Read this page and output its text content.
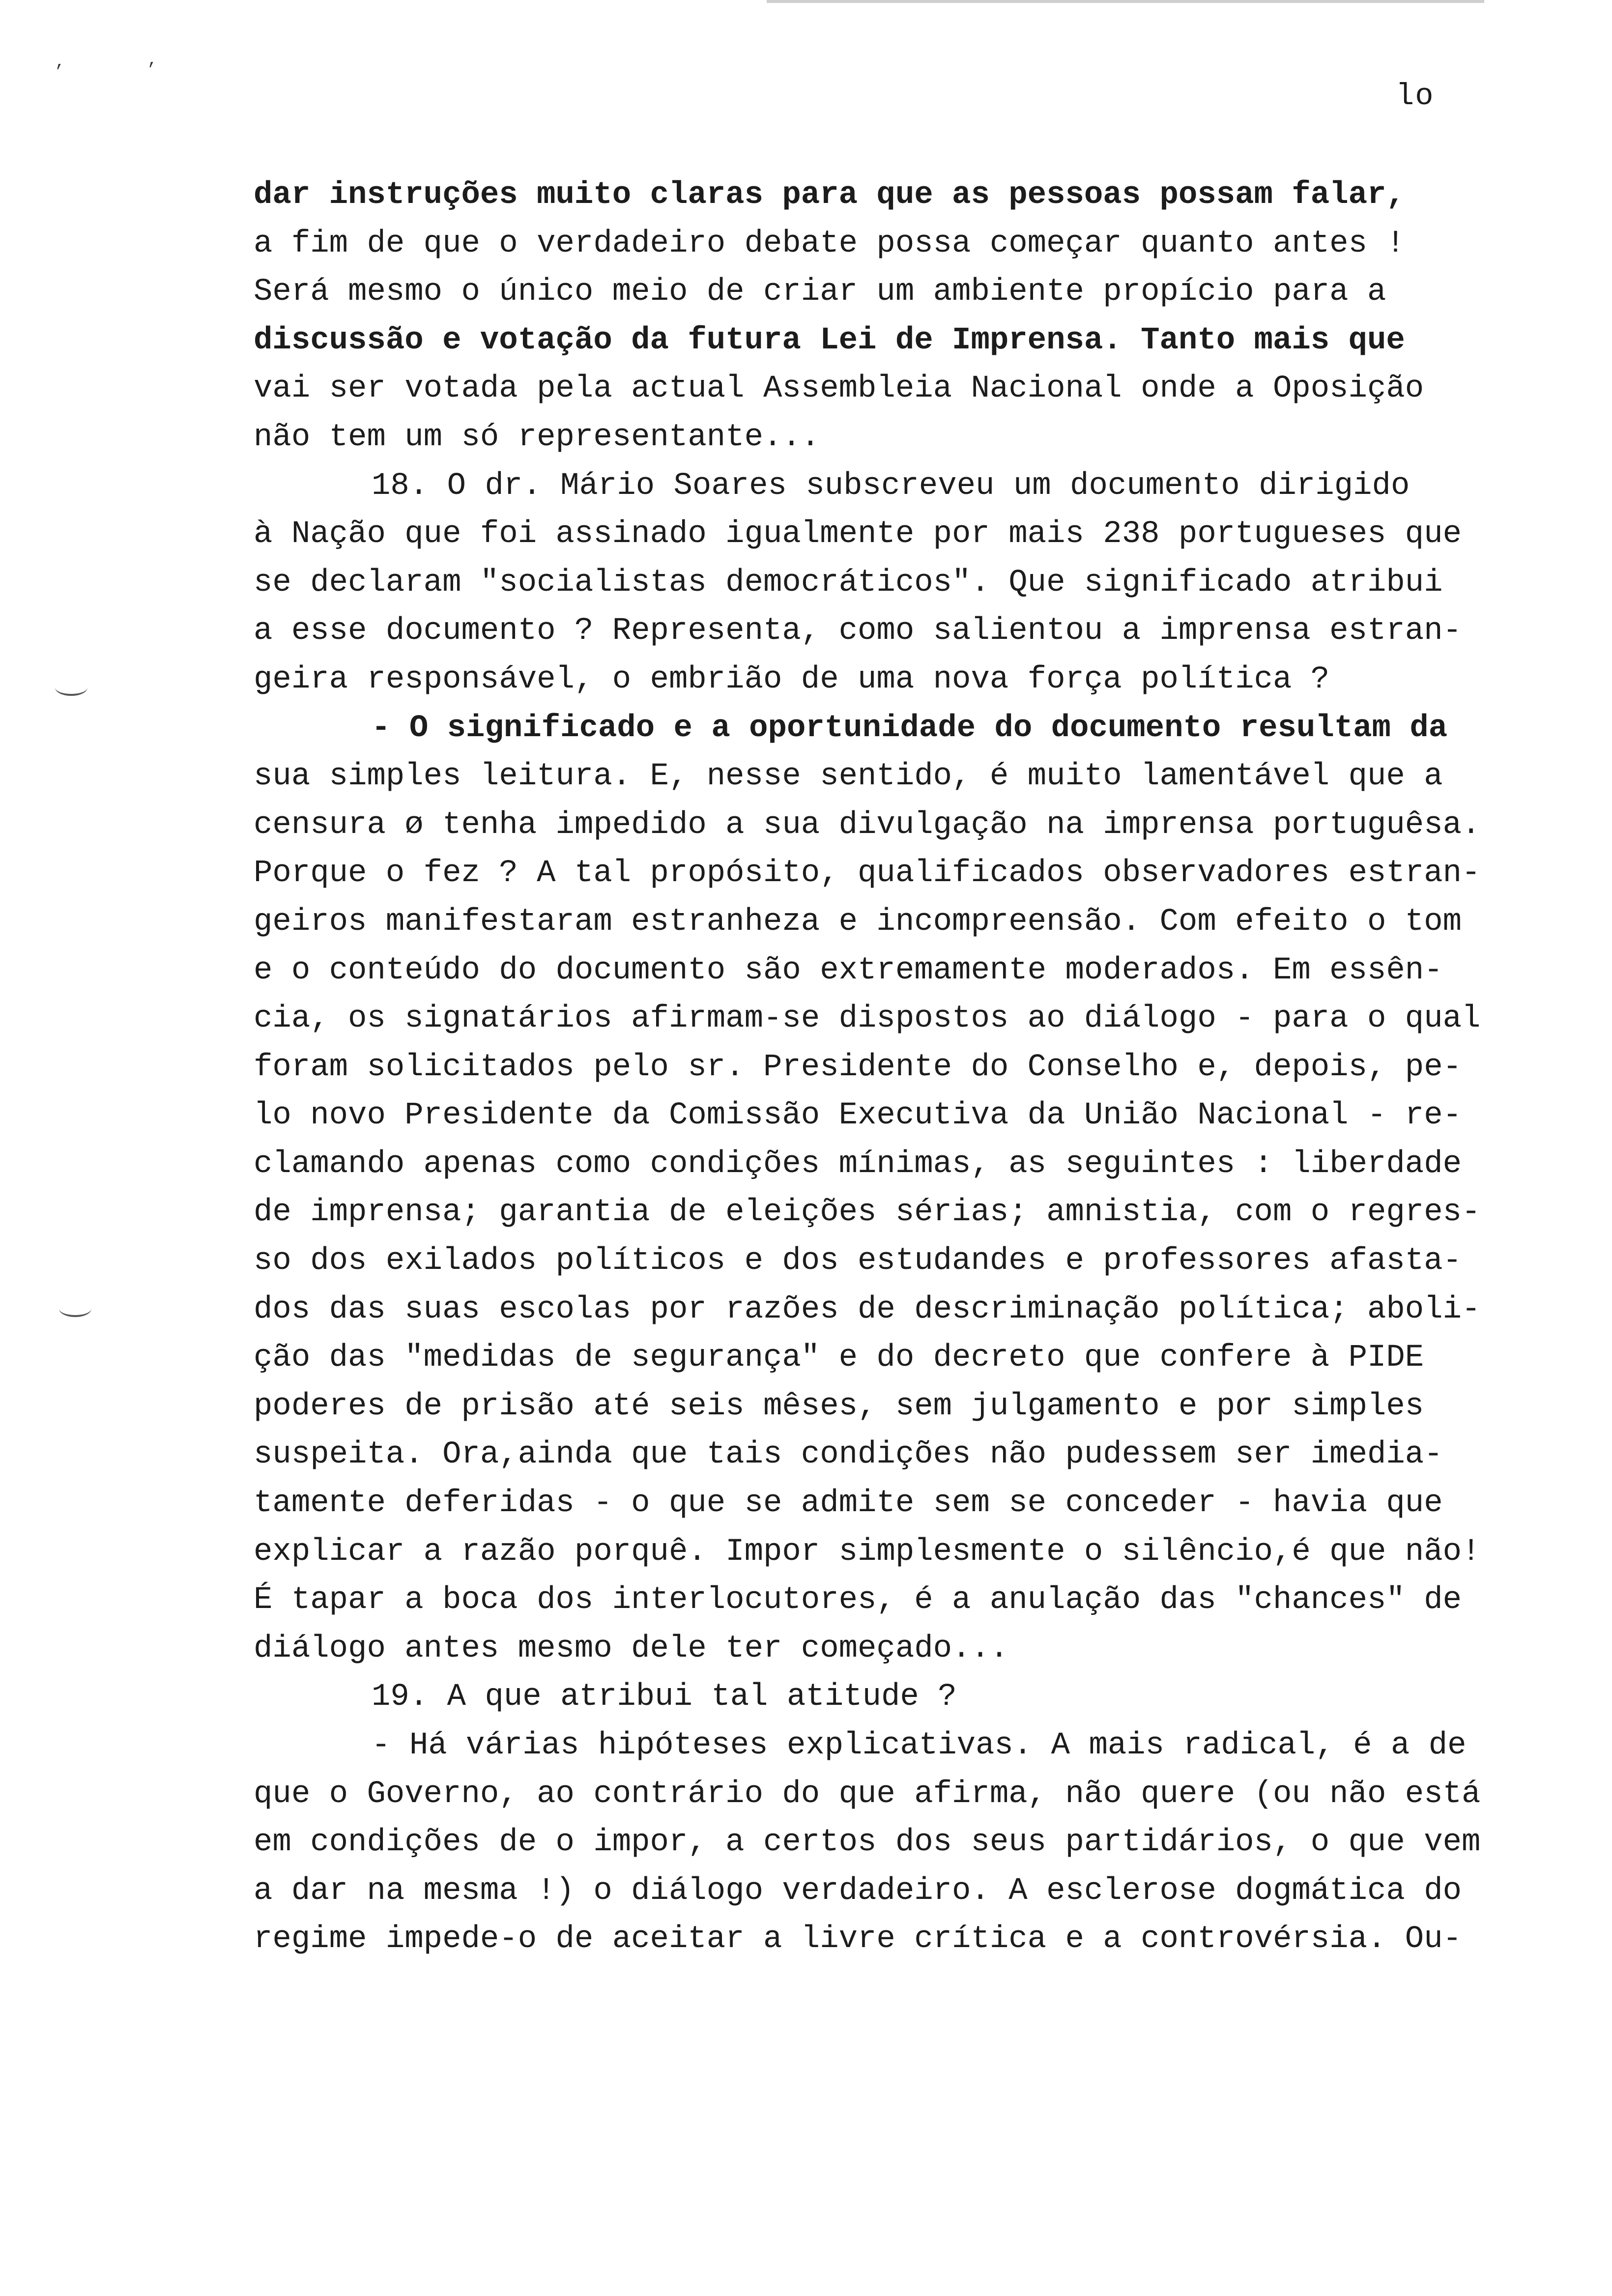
,	,
lo
dar instruções muito claras para que as pessoas possam falar,
a fim de que o verdadeiro debate possa começar quanto antes !
Será mesmo o único meio de criar um ambiente propício para a
discussão e votação da futura Lei de Imprensa. Tanto mais que
vai ser votada pela actual Assembleia Nacional onde a Oposição
não tem um só representante...
18. O dr. Mário Soares subscreveu um documento dirigido
à Nação que foi assinado igualmente por mais 238 portugueses que
se declaram "socialistas democráticos". Que significado atribui
a esse documento ? Representa, como salientou a imprensa estran-
geira responsável, o embrião de uma nova força política ?
- O significado e a oportunidade do documento resultam da
sua simples leitura. E, nesse sentido, é muito lamentável que a
censura ø tenha impedido a sua divulgação na imprensa portuguêsa.
Porque o fez ? A tal propósito, qualificados observadores estran-
geiros manifestaram estranheza e incompreensão. Com efeito o tom
e o conteúdo do documento são extremamente moderados. Em essên-
cia, os signatários afirmam-se dispostos ao diálogo - para o qual
foram solicitados pelo sr. Presidente do Conselho e, depois, pe-
lo novo Presidente da Comissão Executiva da União Nacional - re-
clamando apenas como condições mínimas, as seguintes : liberdade
de imprensa; garantia de eleições sérias; amnistia, com o regres-
so dos exilados políticos e dos estudandes e professores afasta-
dos das suas escolas por razões de descriminação política; aboli-
ção das "medidas de segurança" e do decreto que confere à PIDE
poderes de prisão até seis mêses, sem julgamento e por simples
suspeita. Ora,ainda que tais condições não pudessem ser imedia-
tamente deferidas - o que se admite sem se conceder - havia que
explicar a razão porquê. Impor simplesmente o silêncio,é que não!
É tapar a boca dos interlocutores, é a anulação das "chances" de
diálogo antes mesmo dele ter começado...
19. A que atribui tal atitude ?
- Há várias hipóteses explicativas. A mais radical, é a de
que o Governo, ao contrário do que afirma, não quere (ou não está
em condições de o impor, a certos dos seus partidários, o que vem
a dar na mesma !) o diálogo verdadeiro. A esclerose dogmática do
regime impede-o de aceitar a livre crítica e a controvérsia. Ou-
